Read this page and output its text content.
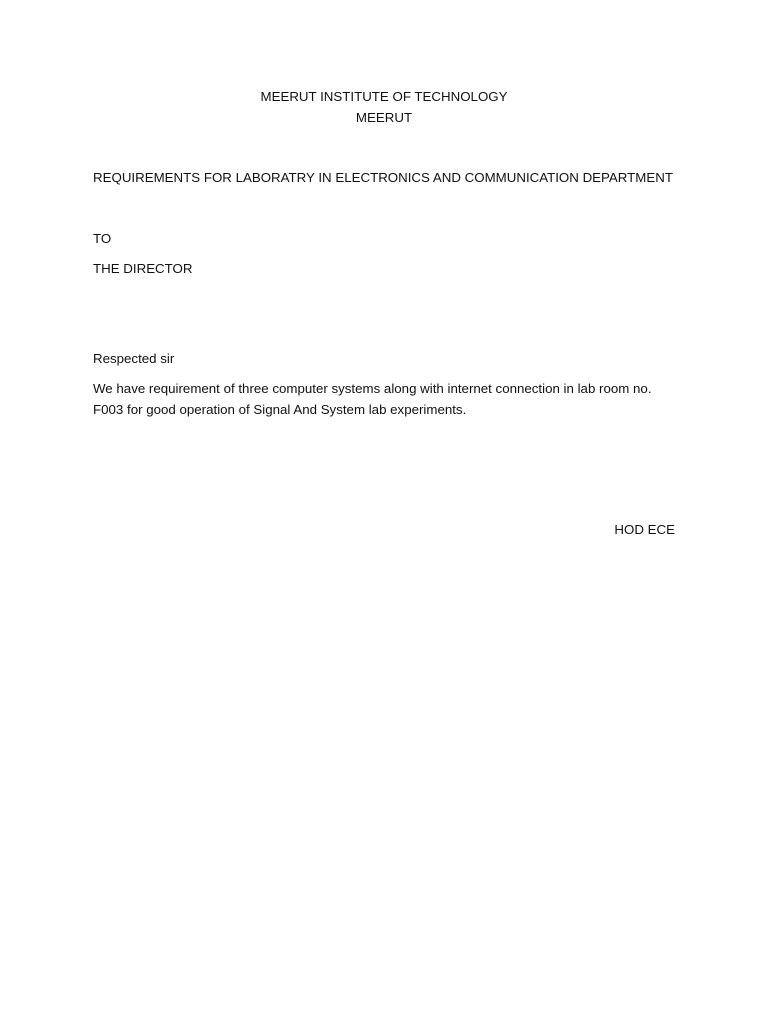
MEERUT INSTITUTE OF TECHNOLOGY
MEERUT
REQUIREMENTS FOR LABORATRY IN ELECTRONICS AND COMMUNICATION DEPARTMENT
TO
THE DIRECTOR
Respected sir
We have requirement of three computer systems along with internet connection in lab room no. F003 for good operation of Signal And System lab experiments.
HOD ECE
